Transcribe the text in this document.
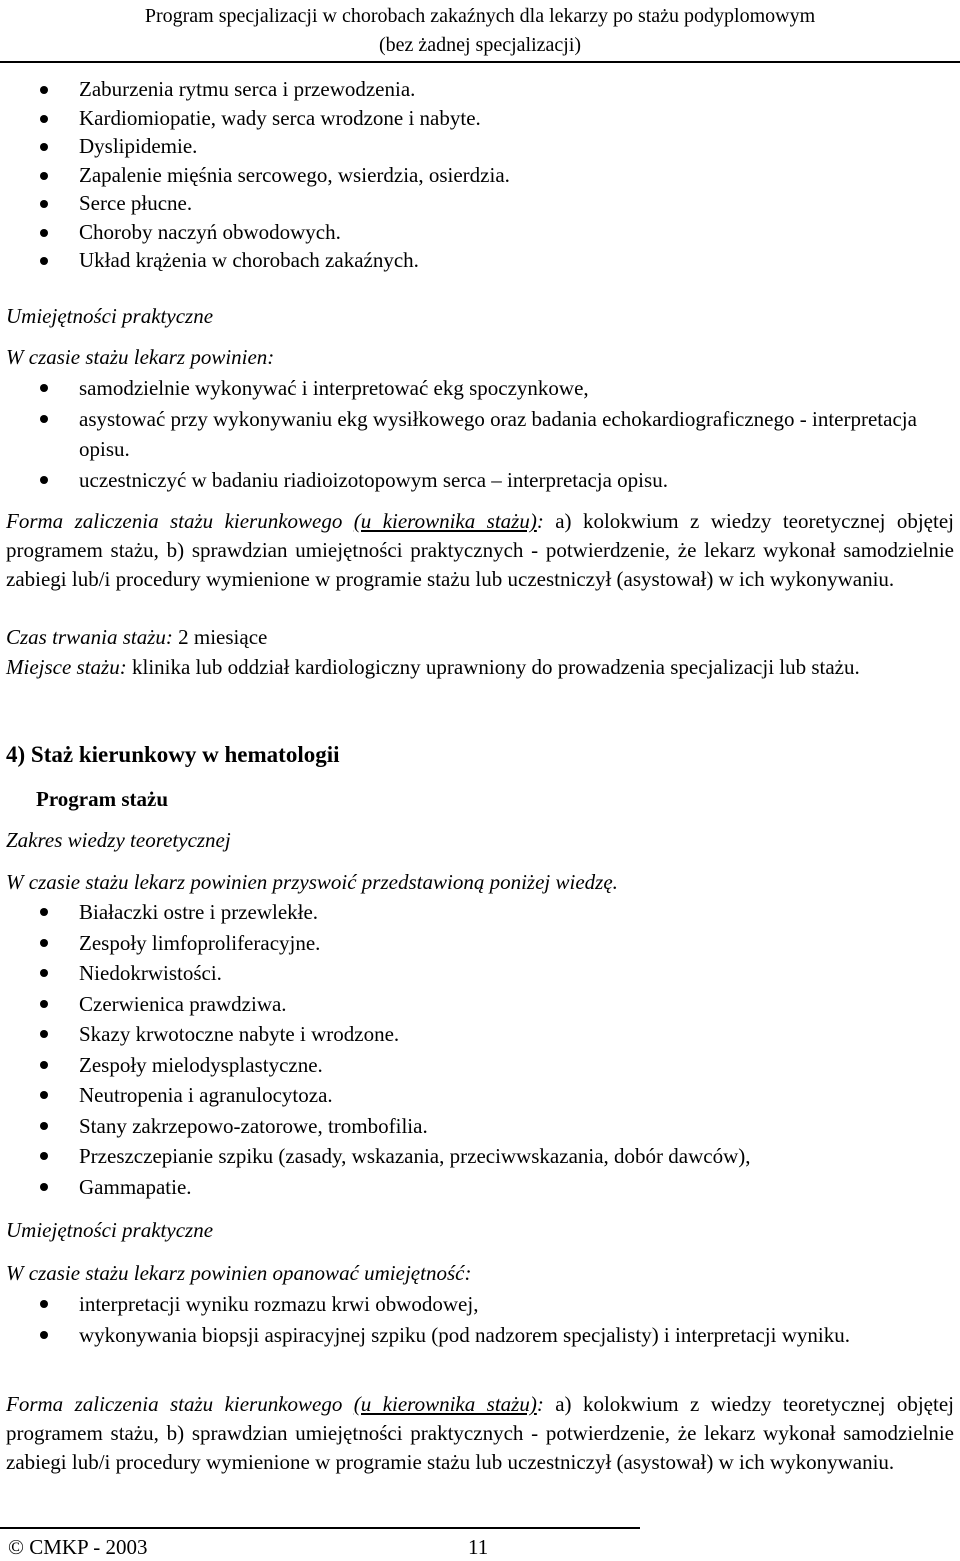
Program specjalizacji w chorobach zakaźnych dla lekarzy po stażu podyplomowym
(bez żadnej specjalizacji)
Zaburzenia rytmu serca i przewodzenia.
Kardiomiopatie, wady serca wrodzone i nabyte.
Dyslipidemie.
Zapalenie mięśnia sercowego, wsierdzia, osierdzia.
Serce płucne.
Choroby naczyń obwodowych.
Układ krążenia w chorobach zakaźnych.
Umiejętności praktyczne
W czasie stażu lekarz powinien:
samodzielnie wykonywać i interpretować ekg spoczynkowe,
asystować przy wykonywaniu ekg wysiłkowego oraz badania echokardiograficznego - interpretacja opisu.
uczestniczyć w badaniu riadioizotopowym serca – interpretacja opisu.

Forma zaliczenia stażu kierunkowego (u kierownika stażu): a) kolokwium z wiedzy teoretycznej objętej programem stażu, b) sprawdzian umiejętności praktycznych - potwierdzenie, że lekarz wykonał samodzielnie zabiegi lub/i procedury wymienione w programie stażu lub uczestniczył (asystował) w ich wykonywaniu.

Czas trwania stażu: 2 miesiące

Miejsce stażu: klinika lub oddział kardiologiczny uprawniony do prowadzenia specjalizacji lub stażu.

4) Staż kierunkowy w hematologii
Program stażu
Zakres wiedzy teoretycznej
W czasie stażu lekarz powinien przyswoić przedstawioną poniżej wiedzę.
Białaczki ostre i przewlekłe.
Zespoły limfoproliferacyjne.
Niedokrwistości.
Czerwienica prawdziwa.
Skazy krwotoczne nabyte i wrodzone.
Zespoły mielodysplastyczne.
Neutropenia i agranulocytoza.
Stany zakrzepowo-zatorowe, trombofilia.
Przeszczepianie szpiku (zasady, wskazania, przeciwwskazania, dobór dawców),
Gammapatie.
Umiejętności praktyczne
W czasie stażu lekarz powinien opanować umiejętność:
interpretacji wyniku rozmazu krwi obwodowej,
wykonywania biopsji aspiracyjnej szpiku (pod nadzorem specjalisty) i interpretacji wyniku.

Forma zaliczenia stażu kierunkowego (u kierownika stażu): a) kolokwium z wiedzy teoretycznej objętej programem stażu, b) sprawdzian umiejętności praktycznych - potwierdzenie, że lekarz wykonał samodzielnie zabiegi lub/i procedury wymienione w programie stażu lub uczestniczył (asystował) w ich wykonywaniu.

© CMKP - 2003	11
